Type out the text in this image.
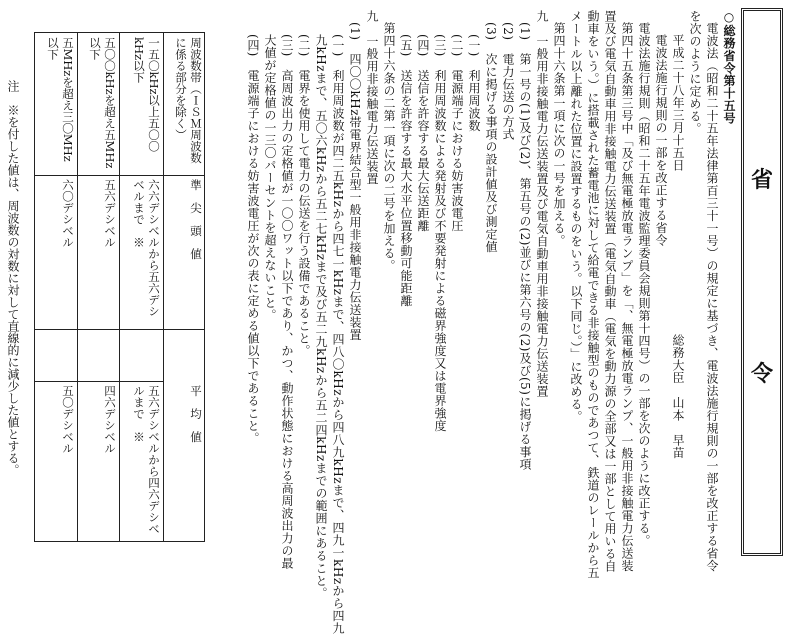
省
令
○総務省令第十五号
電波法（昭和二十五年法律第百三十一号）の規定に基づき、電波法施行規則の一部を改正する省令
を次のように定める。
平成二十八年三月十五日　　　　　　　　　　　　　総務大臣　山本　早苗
電波法施行規則の一部を改正する省令
電波法施行規則（昭和二十五年電波監理委員会規則第十四号）の一部を次のように改正する。
第四十五条第三号中「及び無電極放電ランプ」を「、無電極放電ランプ、一般用非接触電力伝送装
置及び電気自動車用非接触電力伝送装置（電気自動車（電気を動力源の全部又は一部として用いる自
動車をいう。）に搭載された蓄電池に対して給電できる非接触型のものであつて、鉄道のレールから五
メートル以上離れた位置に設置するものをいう。以下同じ。）」に改める。
第四十六条第一項に次の一号を加える。
九　一般用非接触電力伝送装置及び電気自動車用非接触電力伝送装置
(1)　第一号の(1)及び(2)、第五号の(2)並びに第六号の(2)及び(5)に掲げる事項
(2)　電力伝送の方式
(3)　次に掲げる事項の設計値及び測定値
(一)　利用周波数
(二)　電源端子における妨害波電圧
(三)　利用周波数による発射及び不要発射による磁界強度又は電界強度
(四)　送信を許容する最大伝送距離
(五)　送信を許容する最大水平位置移動可能距離
第四十六条の二第一項に次の二号を加える。
九　一般用非接触電力伝送装置
(1)　四〇〇kHz帯電界結合型一般用非接触電力伝送装置
(一)　利用周波数が四二五kHzから四七一kHzまで、四八〇kHzから四八九kHzまで、四九一kHzから四九
九kHzまで、五〇六kHzから五二七kHzまで及び五二九kHzから五二四kHzまでの範囲にあること。
(二)　電界を使用して電力の伝送を行う設備であること。
(三)　高周波出力の定格値が一〇〇ワット以下であり、かつ、動作状態における高周波出力の最
大値が定格値の一三〇パーセントを超えないこと。
(四)　電源端子における妨害波電圧が次の表に定める値以下であること。
注　※を付した値は、周波数の対数に対して直線的に減少した値とする。	周波数帯（ＩＳＭ周波数に係る部分を除く）
準　尖　頭　値
平　均　値
一五〇kHz以上五〇〇kHz以下
六六デシベルから五六デシベルまで　※
五六デシベルから四六デシベルまで　※
五〇〇kHzを超え五MHz以下
五六デシベル
四六デシベル
五MHzを超え三〇MHz以下
六〇デシベル
五〇デシベル
